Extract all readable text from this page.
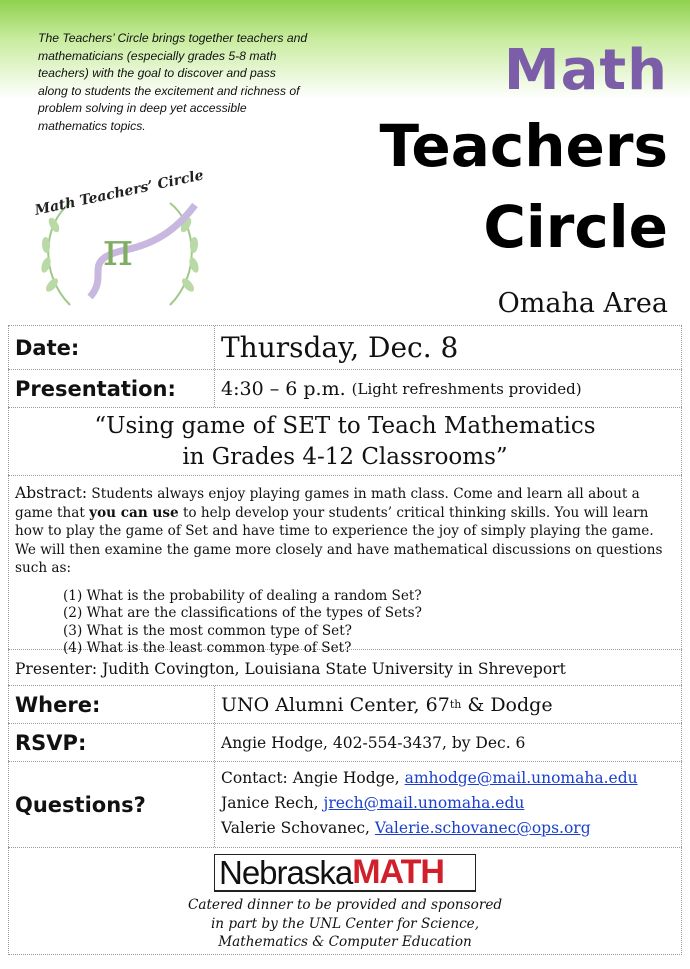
The Teachers’ Circle brings together teachers and mathematicians (especially grades 5-8 math teachers) with the goal to discover and pass along to students the excitement and richness of problem solving in deep yet accessible mathematics topics.
π
Math Teachers’ Circle
Math
Teachers
Circle
Omaha Area
Date:	Thursday, Dec. 8
Presentation:	4:30 – 6 p.m. (Light refreshments provided)
“Using game of SET to Teach Mathematics
in Grades 4-12 Classrooms”
Abstract: Students always enjoy playing games in math class. Come and learn all about a game that you can use to help develop your students’ critical thinking skills. You will learn how to play the game of Set and have time to experience the joy of simply playing the game. We will then examine the game more closely and have mathematical discussions on questions such as:
(1) What is the probability of dealing a random Set?
(2) What are the classifications of the types of Sets?
(3) What is the most common type of Set?
(4) What is the least common type of Set?
Presenter: Judith Covington, Louisiana State University in Shreveport
Where:	UNO Alumni Center, 67 th & Dodge
RSVP:	Angie Hodge, 402-554-3437, by Dec. 6
Questions?
Contact: Angie Hodge, amhodge@mail.unomaha.edu
Janice Rech, jrech@mail.unomaha.edu
Valerie Schovanec, Valerie.schovanec@ops.org
Nebraska MATH
Catered dinner to be provided and sponsored
in part by the UNL Center for Science,
Mathematics & Computer Education
